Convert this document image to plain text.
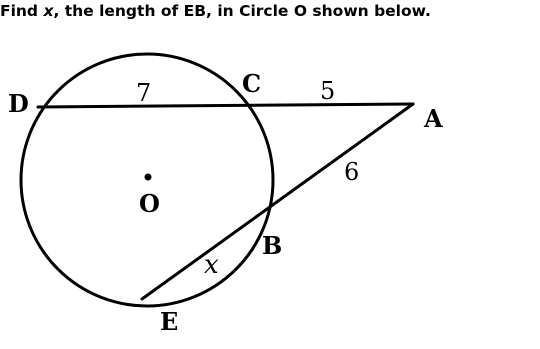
Find x, the length of EB, in Circle O shown below.

O
D
C
A
B
E
7	5
6
x
